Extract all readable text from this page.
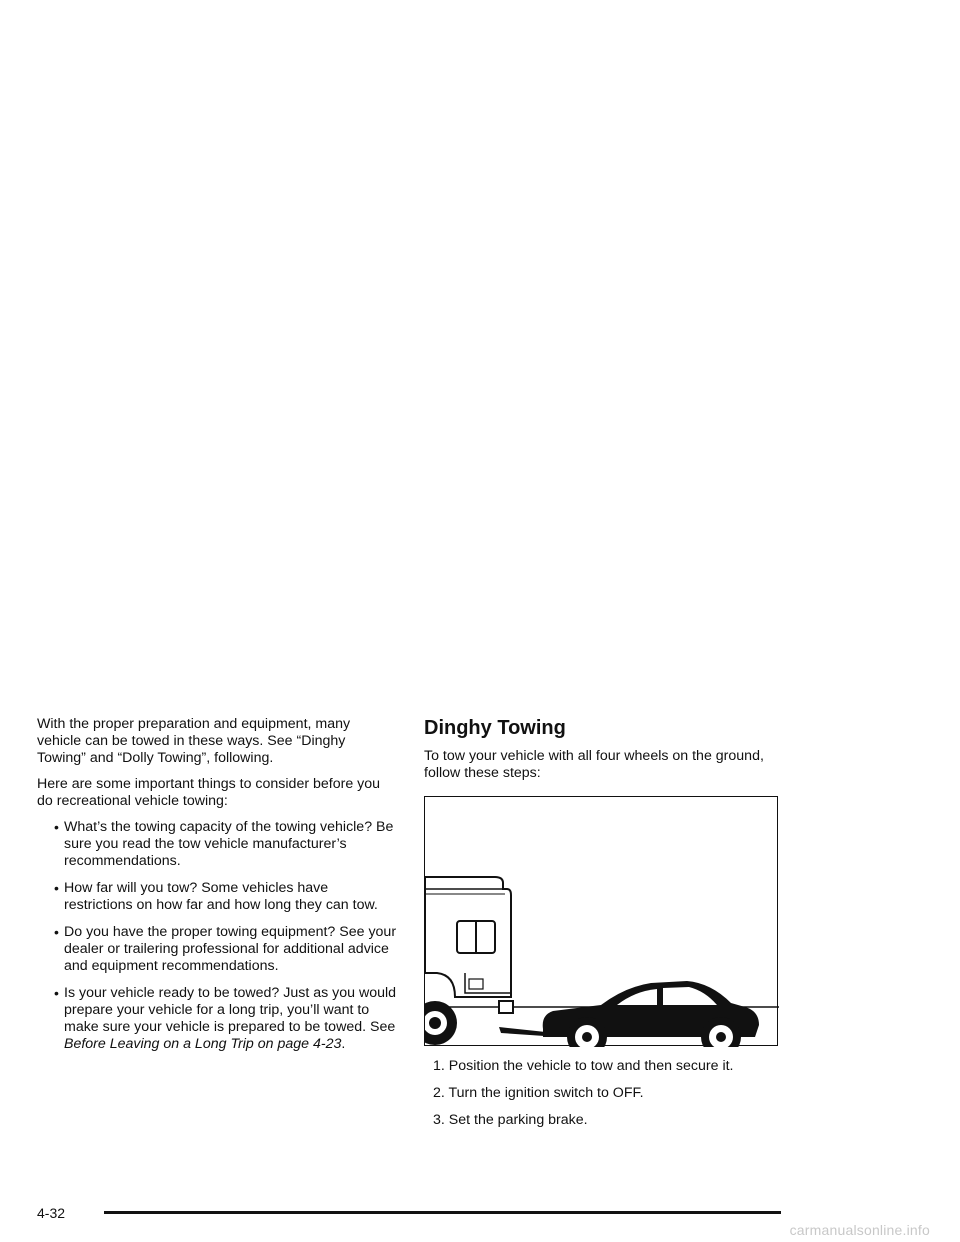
With the proper preparation and equipment, many vehicle can be towed in these ways. See “Dinghy Towing” and “Dolly Towing”, following.

Here are some important things to consider before you do recreational vehicle towing:

• What’s the towing capacity of the towing vehicle? Be sure you read the tow vehicle manufacturer’s recommendations.
• How far will you tow? Some vehicles have restrictions on how far and how long they can tow.
• Do you have the proper towing equipment? See your dealer or trailering professional for additional advice and equipment recommendations.
• Is your vehicle ready to be towed? Just as you would prepare your vehicle for a long trip, you’ll want to make sure your vehicle is prepared to be towed. See Before Leaving on a Long Trip on page 4-23.
Dinghy Towing

To tow your vehicle with all four wheels on the ground, follow these steps:

1. Position the vehicle to tow and then secure it.
2. Turn the ignition switch to OFF.
3. Set the parking brake.
4-32
carmanualsonline.info
